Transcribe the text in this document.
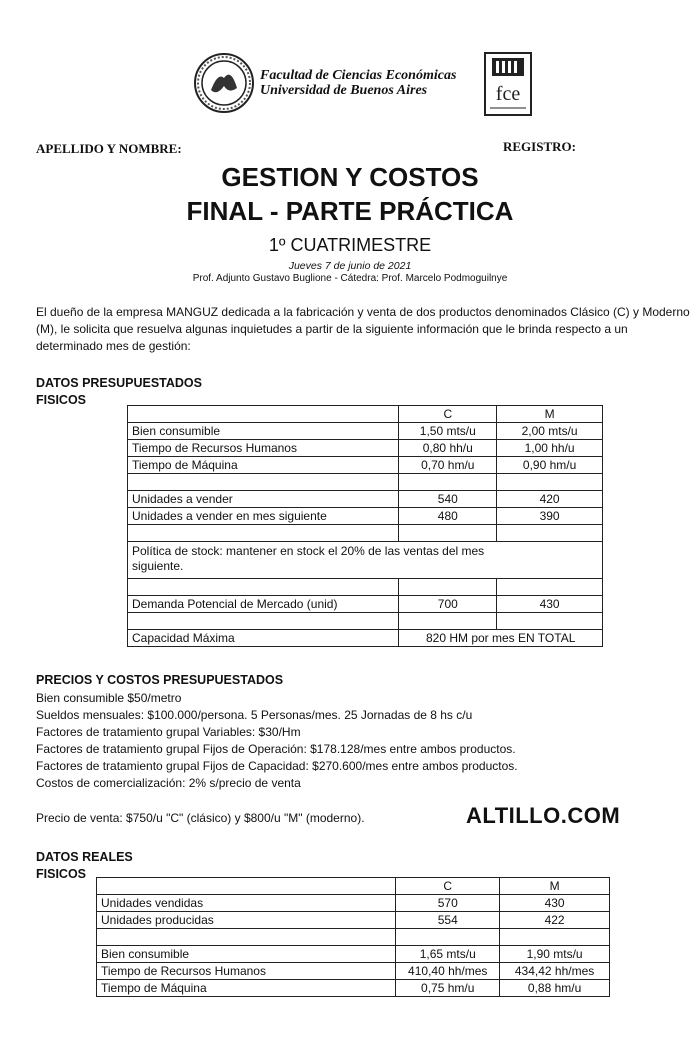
Facultad de Ciencias Económicas
Universidad de Buenos Aires	fce
APELLIDO Y NOMBRE:	REGISTRO:
GESTION Y COSTOS
FINAL - PARTE PRÁCTICA
1º CUATRIMESTRE
Jueves 7 de junio de 2021
Prof. Adjunto Gustavo Buglione - Cátedra: Prof. Marcelo Podmoguilnye
El dueño de la empresa MANGUZ dedicada a la fabricación y venta de dos productos denominados Clásico (C) y Moderno (M), le solicita que resuelva algunas inquietudes a partir de la siguiente información que le brinda respecto a un determinado mes de gestión:
DATOS PRESUPUESTADOS
FISICOS
	C	M
Bien consumible	1,50 mts/u	2,00 mts/u
Tiempo de Recursos Humanos	0,80 hh/u	1,00 hh/u
Tiempo de Máquina	0,70 hm/u	0,90 hm/u

Unidades a vender	540	420
Unidades a vender en mes siguiente	480	390

Política de stock: mantener en stock el 20% de las ventas del mes siguiente.		

Demanda Potencial de Mercado (unid)	700	430

Capacidad Máxima	820 HM por mes EN TOTAL	
PRECIOS Y COSTOS PRESUPUESTADOS
Bien consumible $50/metro
Sueldos mensuales: $100.000/persona. 5 Personas/mes. 25 Jornadas de 8 hs c/u
Factores de tratamiento grupal Variables: $30/Hm
Factores de tratamiento grupal Fijos de Operación: $178.128/mes entre ambos productos.
Factores de tratamiento grupal Fijos de Capacidad: $270.600/mes entre ambos productos.
Costos de comercialización: 2% s/precio de venta
Precio de venta: $750/u "C" (clásico) y $800/u "M" (moderno).	ALTILLO.COM
DATOS REALES
FISICOS
	C	M
Unidades vendidas	570	430
Unidades producidas	554	422

Bien consumible	1,65 mts/u	1,90 mts/u
Tiempo de Recursos Humanos	410,40 hh/mes	434,42 hh/mes
Tiempo de Máquina	0,75 hm/u	0,88 hm/u
